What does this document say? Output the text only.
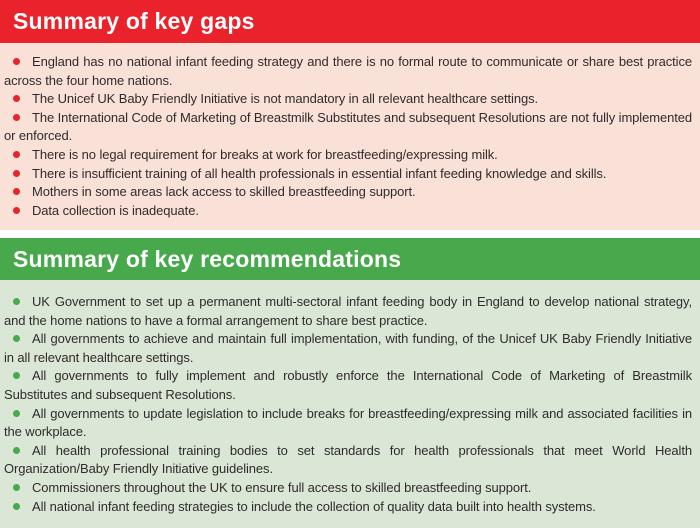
Summary of key gaps

England has no national infant feeding strategy and there is no formal route to communicate or share best practice across the four home nations.

The Unicef UK Baby Friendly Initiative is not mandatory in all relevant healthcare settings.

The International Code of Marketing of Breastmilk Substitutes and subsequent Resolutions are not fully implemented or enforced.

There is no legal requirement for breaks at work for breastfeeding/expressing milk.

There is insufficient training of all health professionals in essential infant feeding knowledge and skills.

Mothers in some areas lack access to skilled breastfeeding support.

Data collection is inadequate.

Summary of key recommendations

UK Government to set up a permanent multi-sectoral infant feeding body in England to develop national strategy, and the home nations to have a formal arrangement to share best practice.

All governments to achieve and maintain full implementation, with funding, of the Unicef UK Baby Friendly Initiative in all relevant healthcare settings.

All governments to fully implement and robustly enforce the International Code of Marketing of Breastmilk Substitutes and subsequent Resolutions.

All governments to update legislation to include breaks for breastfeeding/expressing milk and associated facilities in the workplace.

All health professional training bodies to set standards for health professionals that meet World Health Organization/Baby Friendly Initiative guidelines.

Commissioners throughout the UK to ensure full access to skilled breastfeeding support.

All national infant feeding strategies to include the collection of quality data built into health systems.
